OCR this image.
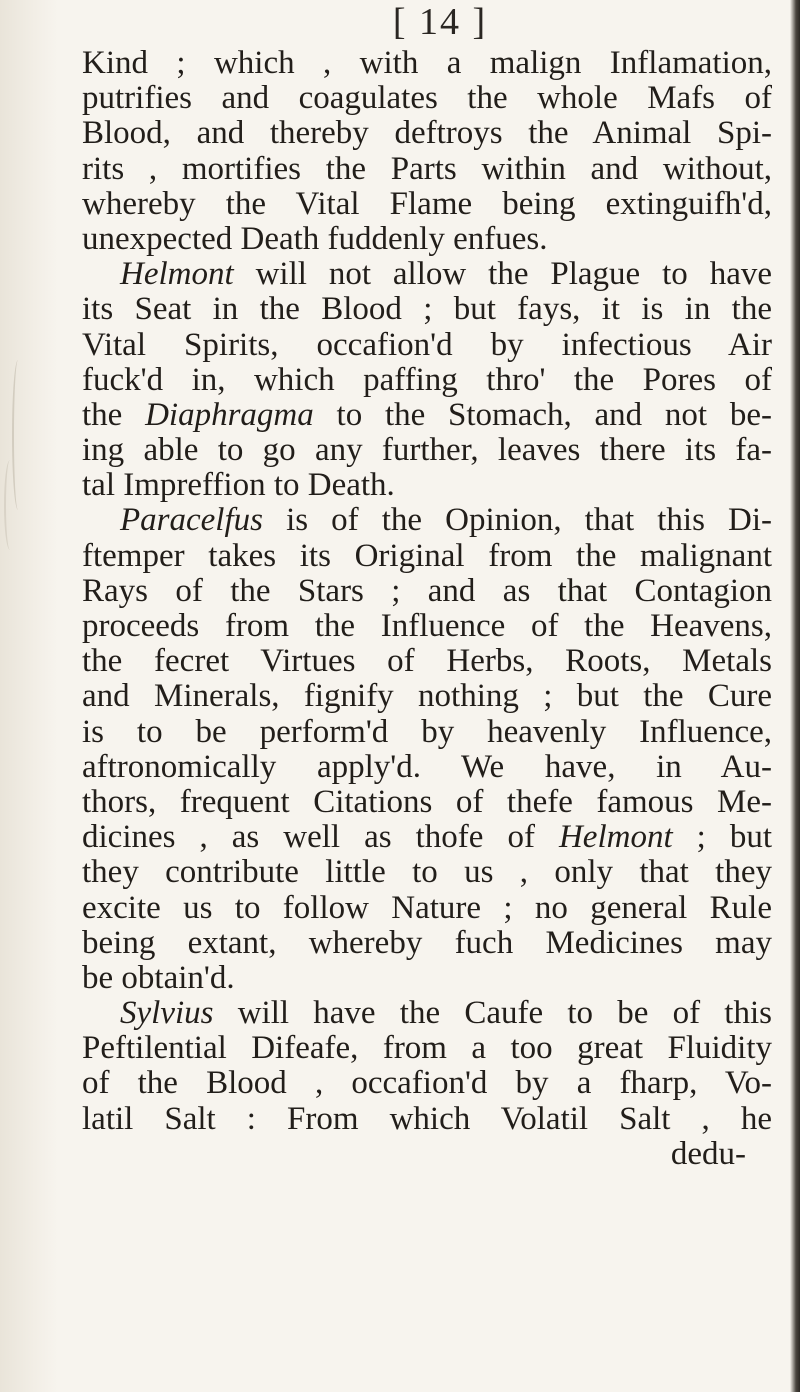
[ 14 ]
Kind ; which , with a malign Inflamation,
putrifies and coagulates the whole Mafs of
Blood, and thereby deftroys the Animal Spi-
rits , mortifies the Parts within and without,
whereby the Vital Flame being extinguifh'd,
unexpected Death fuddenly enfues.
Helmont will not allow the Plague to have
its Seat in the Blood ; but fays, it is in the
Vital Spirits, occafion'd by infectious Air
fuck'd in, which paffing thro' the Pores of
the Diaphragma to the Stomach, and not be-
ing able to go any further, leaves there its fa-
tal Impreffion to Death.
Paracelfus is of the Opinion, that this Di-
ftemper takes its Original from the malignant
Rays of the Stars ; and as that Contagion
proceeds from the Influence of the Heavens,
the fecret Virtues of Herbs, Roots, Metals
and Minerals, fignify nothing ; but the Cure
is to be perform'd by heavenly Influence,
aftronomically apply'd. We have, in Au-
thors, frequent Citations of thefe famous Me-
dicines , as well as thofe of Helmont ; but
they contribute little to us , only that they
excite us to follow Nature ; no general Rule
being extant, whereby fuch Medicines may
be obtain'd.
Sylvius will have the Caufe to be of this
Peftilential Difeafe, from a too great Fluidity
of the Blood , occafion'd by a fharp, Vo-
latil Salt : From which Volatil Salt , he
dedu-
